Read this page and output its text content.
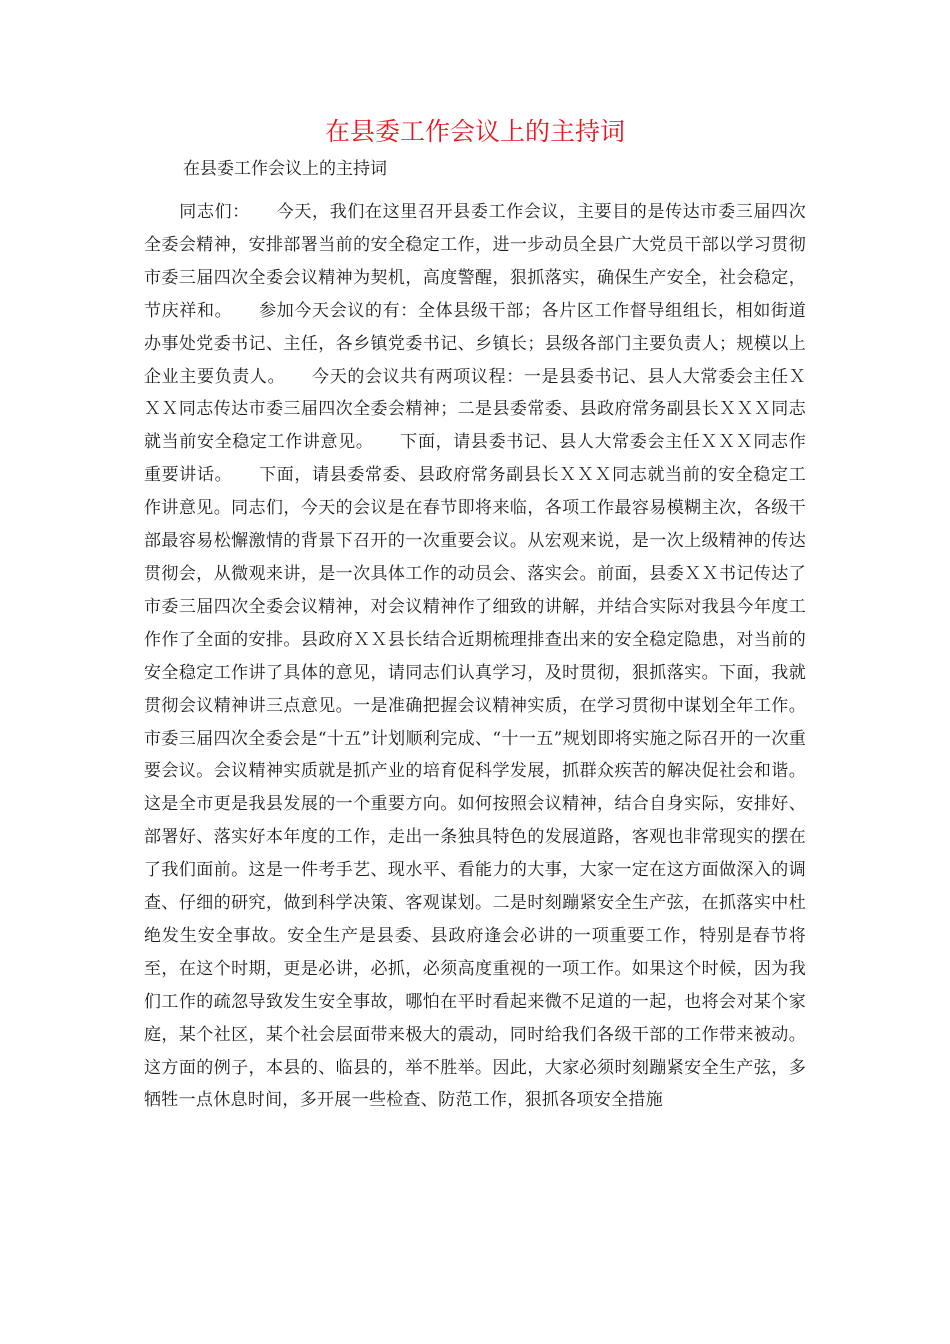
在县委工作会议上的主持词

在县委工作会议上的主持词

　　同志们：　　今天，我们在这里召开县委工作会议，主要目的是传达市委三届四次全委会精神，安排部署当前的安全稳定工作，进一步动员全县广大党员干部以学习贯彻市委三届四次全委会议精神为契机，高度警醒，狠抓落实，确保生产安全，社会稳定，节庆祥和。　　参加今天会议的有：全体县级干部；各片区工作督导组组长，相如街道办事处党委书记、主任，各乡镇党委书记、乡镇长；县级各部门主要负责人；规模以上企业主要负责人。　　今天的会议共有两项议程：一是县委书记、县人大常委会主任ＸＸＸ同志传达市委三届四次全委会精神；二是县委常委、县政府常务副县长ＸＸＸ同志就当前安全稳定工作讲意见。　　下面，请县委书记、县人大常委会主任ＸＸＸ同志作重要讲话。　　下面，请县委常委、县政府常务副县长ＸＸＸ同志就当前的安全稳定工作讲意见。同志们，今天的会议是在春节即将来临，各项工作最容易模糊主次，各级干部最容易松懈激情的背景下召开的一次重要会议。从宏观来说，是一次上级精神的传达贯彻会，从微观来讲，是一次具体工作的动员会、落实会。前面，县委ＸＸ书记传达了市委三届四次全委会议精神，对会议精神作了细致的讲解，并结合实际对我县今年度工作作了全面的安排。县政府ＸＸ县长结合近期梳理排查出来的安全稳定隐患，对当前的安全稳定工作讲了具体的意见，请同志们认真学习，及时贯彻，狠抓落实。下面，我就贯彻会议精神讲三点意见。一是准确把握会议精神实质，在学习贯彻中谋划全年工作。市委三届四次全委会是“十五”计划顺利完成、“十一五”规划即将实施之际召开的一次重要会议。会议精神实质就是抓产业的培育促科学发展，抓群众疾苦的解决促社会和谐。这是全市更是我县发展的一个重要方向。如何按照会议精神，结合自身实际，安排好、部署好、落实好本年度的工作，走出一条独具特色的发展道路，客观也非常现实的摆在了我们面前。这是一件考手艺、现水平、看能力的大事，大家一定在这方面做深入的调查、仔细的研究，做到科学决策、客观谋划。二是时刻蹦紧安全生产弦，在抓落实中杜绝发生安全事故。安全生产是县委、县政府逢会必讲的一项重要工作，特别是春节将至，在这个时期，更是必讲，必抓，必须高度重视的一项工作。如果这个时候，因为我们工作的疏忽导致发生安全事故，哪怕在平时看起来微不足道的一起，也将会对某个家庭，某个社区，某个社会层面带来极大的震动，同时给我们各级干部的工作带来被动。这方面的例子，本县的、临县的，举不胜举。因此，大家必须时刻蹦紧安全生产弦，多牺牲一点休息时间，多开展一些检查、防范工作，狠抓各项安全措施
